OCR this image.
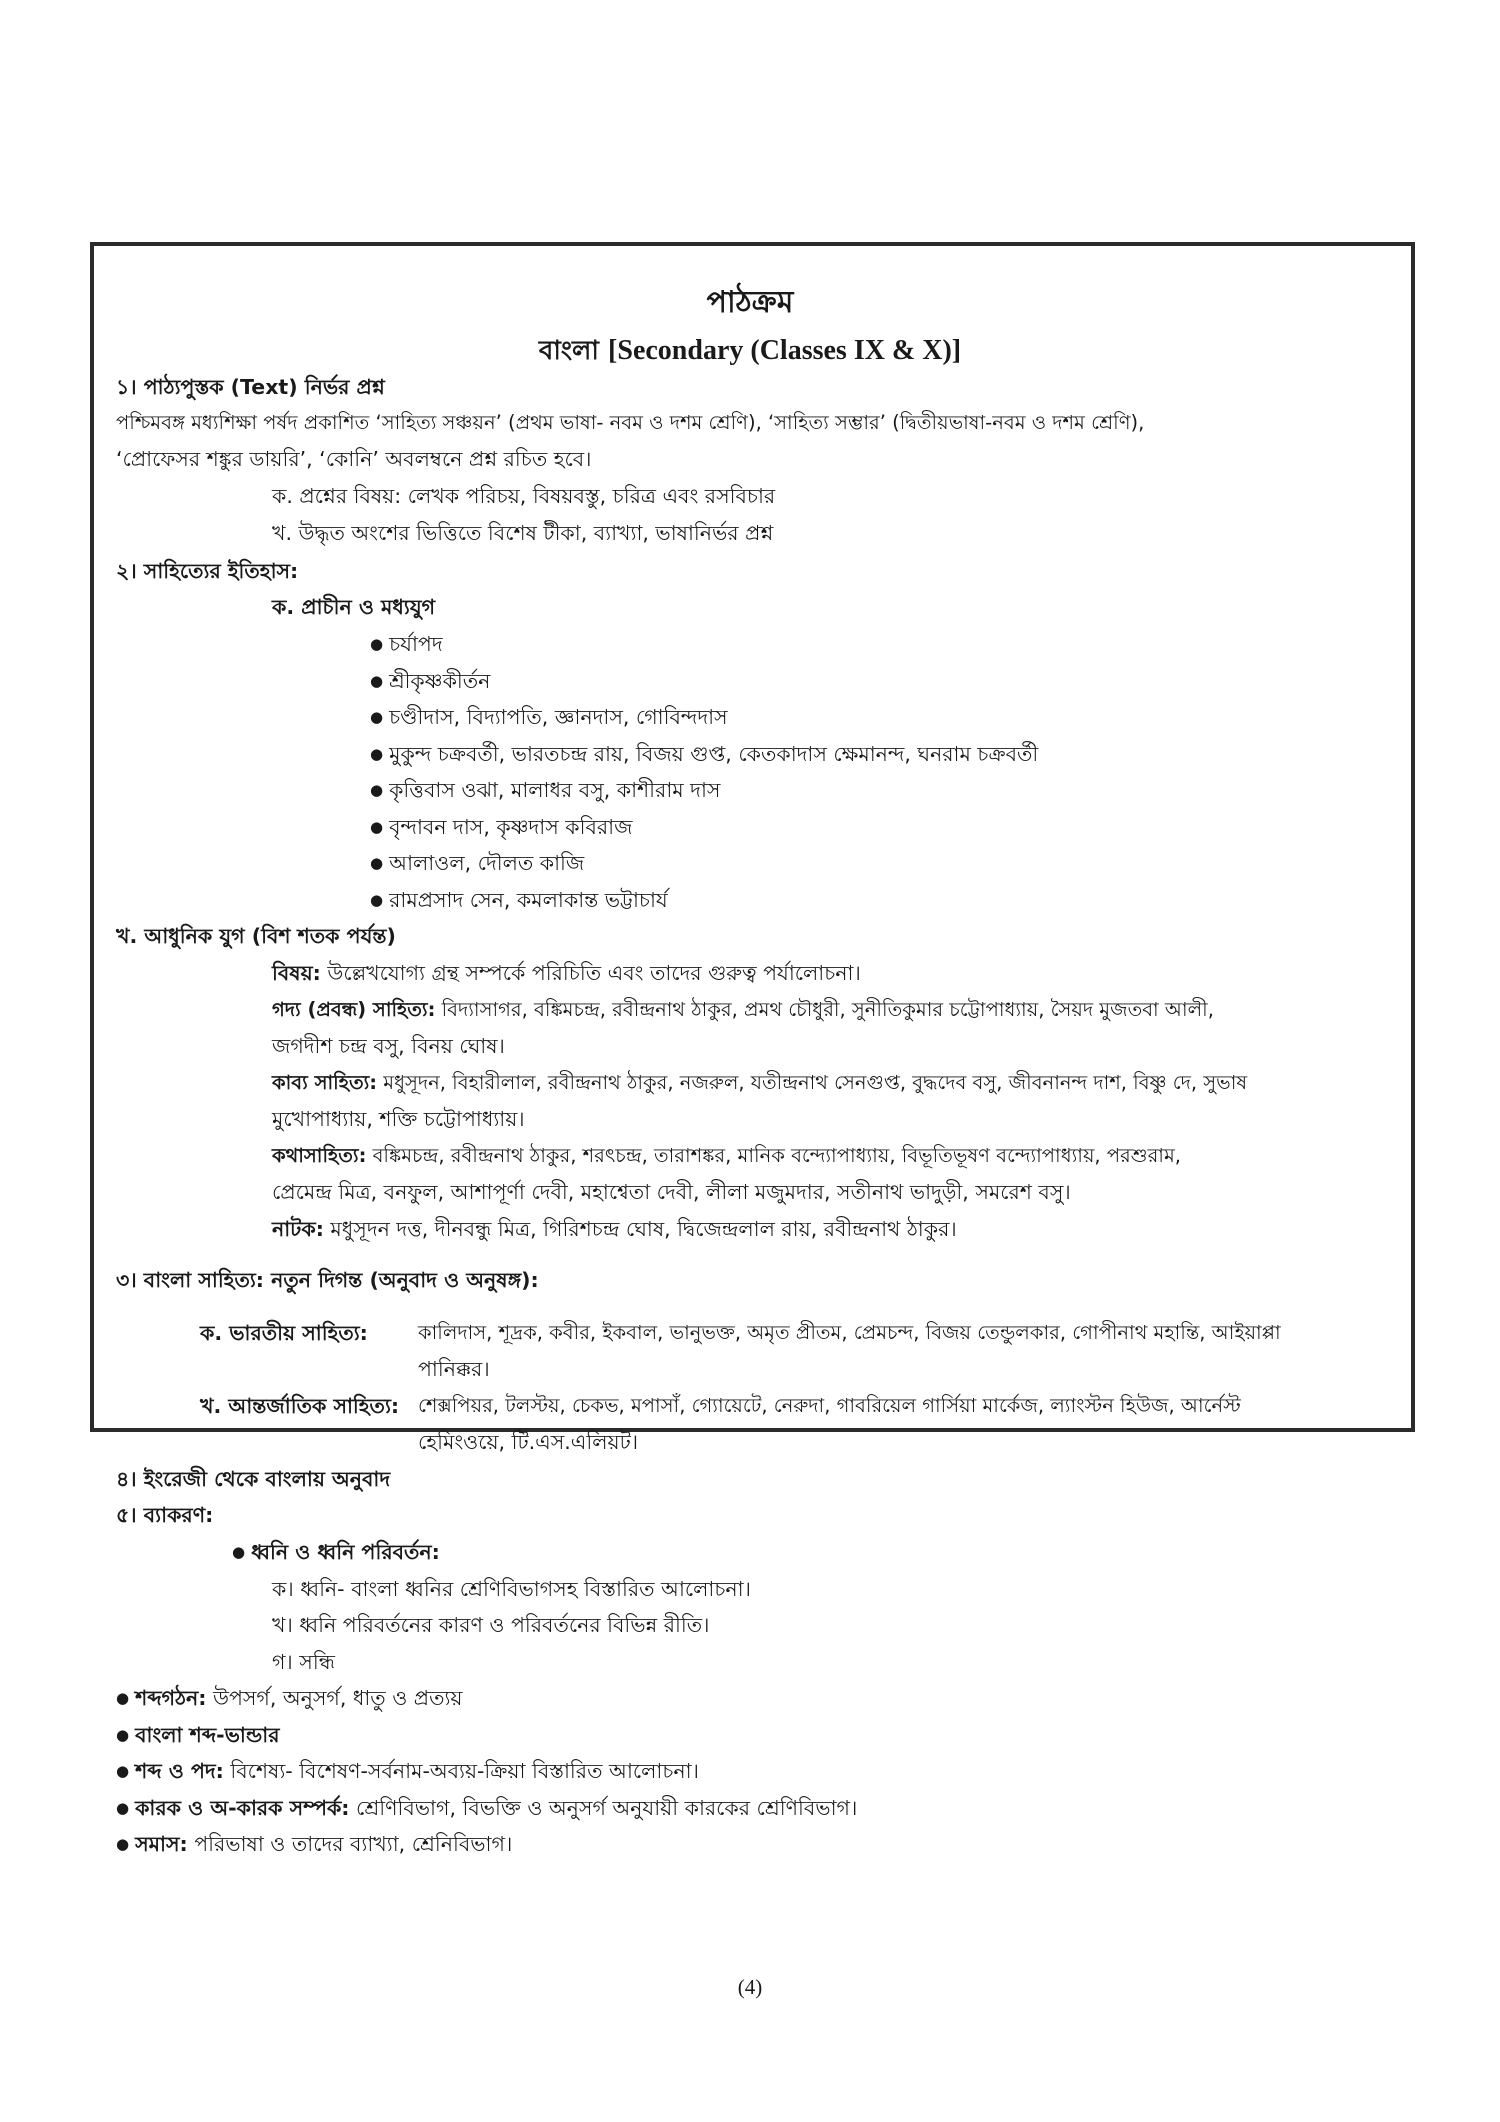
পাঠক্রম
বাংলা [Secondary (Classes IX & X)]
১। পাঠ্যপুস্তক (Text) নির্ভর প্রশ্ন
পশ্চিমবঙ্গ মধ্যশিক্ষা পর্ষদ প্রকাশিত ‘সাহিত্য সঞ্চয়ন’ (প্রথম ভাষা- নবম ও দশম শ্রেণি), ‘সাহিত্য সম্ভার’ (দ্বিতীয়ভাষা-নবম ও দশম শ্রেণি),
‘প্রোফেসর শঙ্কুর ডায়রি’, ‘কোনি’ অবলম্বনে প্রশ্ন রচিত হবে।
ক. প্রশ্নের বিষয়: লেখক পরিচয়, বিষয়বস্তু, চরিত্র এবং রসবিচার
খ. উদ্ধৃত অংশের ভিত্তিতে বিশেষ টীকা, ব্যাখ্যা, ভাষানির্ভর প্রশ্ন
২। সাহিত্যের ইতিহাস:
ক. প্রাচীন ও মধ্যযুগ
● চর্যাপদ
● শ্রীকৃষ্ণকীর্তন
● চণ্ডীদাস, বিদ্যাপতি, জ্ঞানদাস, গোবিন্দদাস
● মুকুন্দ চক্রবর্তী, ভারতচন্দ্র রায়, বিজয় গুপ্ত, কেতকাদাস ক্ষেমানন্দ, ঘনরাম চক্রবর্তী
● কৃত্তিবাস ওঝা, মালাধর বসু, কাশীরাম দাস
● বৃন্দাবন দাস, কৃষ্ণদাস কবিরাজ
● আলাওল, দৌলত কাজি
● রামপ্রসাদ সেন, কমলাকান্ত ভট্টাচার্য
খ. আধুনিক যুগ (বিশ শতক পর্যন্ত)
বিষয়: উল্লেখযোগ্য গ্রন্থ সম্পর্কে পরিচিতি এবং তাদের গুরুত্ব পর্যালোচনা।
গদ্য (প্রবন্ধ) সাহিত্য: বিদ্যাসাগর, বঙ্কিমচন্দ্র, রবীন্দ্রনাথ ঠাকুর, প্রমথ চৌধুরী, সুনীতিকুমার চট্টোপাধ্যায়, সৈয়দ মুজতবা আলী,
জগদীশ চন্দ্র বসু, বিনয় ঘোষ।
কাব্য সাহিত্য: মধুসূদন, বিহারীলাল, রবীন্দ্রনাথ ঠাকুর, নজরুল, যতীন্দ্রনাথ সেনগুপ্ত, বুদ্ধদেব বসু, জীবনানন্দ দাশ, বিষ্ণু দে, সুভাষ
মুখোপাধ্যায়, শক্তি চট্টোপাধ্যায়।
কথাসাহিত্য: বঙ্কিমচন্দ্র, রবীন্দ্রনাথ ঠাকুর, শরৎচন্দ্র, তারাশঙ্কর, মানিক বন্দ্যোপাধ্যায়, বিভূতিভূষণ বন্দ্যোপাধ্যায়, পরশুরাম,
প্রেমেন্দ্র মিত্র, বনফুল, আশাপূর্ণা দেবী, মহাশ্বেতা দেবী, লীলা মজুমদার, সতীনাথ ভাদুড়ী, সমরেশ বসু।
নাটক: মধুসূদন দত্ত, দীনবন্ধু মিত্র, গিরিশচন্দ্র ঘোষ, দ্বিজেন্দ্রলাল রায়, রবীন্দ্রনাথ ঠাকুর।
৩। বাংলা সাহিত্য: নতুন দিগন্ত (অনুবাদ ও অনুষঙ্গ):
ক. ভারতীয় সাহিত্য:	কালিদাস, শূদ্রক, কবীর, ইকবাল, ভানুভক্ত, অমৃত প্রীতম, প্রেমচন্দ, বিজয় তেন্ডুলকার, গোপীনাথ মহান্তি, আইয়াপ্পা
পানিক্কর।
খ. আন্তর্জাতিক সাহিত্য: শেক্সপিয়র, টলস্টয়, চেকভ, মপাসাঁ, গ্যোয়েটে, নেরুদা, গাবরিয়েল গার্সিয়া মার্কেজ, ল্যাংস্টন হিউজ, আর্নেস্ট
হেমিংওয়ে, টি.এস.এলিয়ট।
৪। ইংরেজী থেকে বাংলায় অনুবাদ
৫। ব্যাকরণ:
● ধ্বনি ও ধ্বনি পরিবর্তন:
ক। ধ্বনি- বাংলা ধ্বনির শ্রেণিবিভাগসহ বিস্তারিত আলোচনা।
খ। ধ্বনি পরিবর্তনের কারণ ও পরিবর্তনের বিভিন্ন রীতি।
গ। সন্ধি
● শব্দগঠন: উপসর্গ, অনুসর্গ, ধাতু ও প্রত্যয়
● বাংলা শব্দ-ভান্ডার
● শব্দ ও পদ: বিশেষ্য- বিশেষণ-সর্বনাম-অব্যয়-ক্রিয়া বিস্তারিত আলোচনা।
● কারক ও অ-কারক সম্পর্ক: শ্রেণিবিভাগ, বিভক্তি ও অনুসর্গ অনুযায়ী কারকের শ্রেণিবিভাগ।
● সমাস: পরিভাষা ও তাদের ব্যাখ্যা, শ্রেনিবিভাগ।
(4)
